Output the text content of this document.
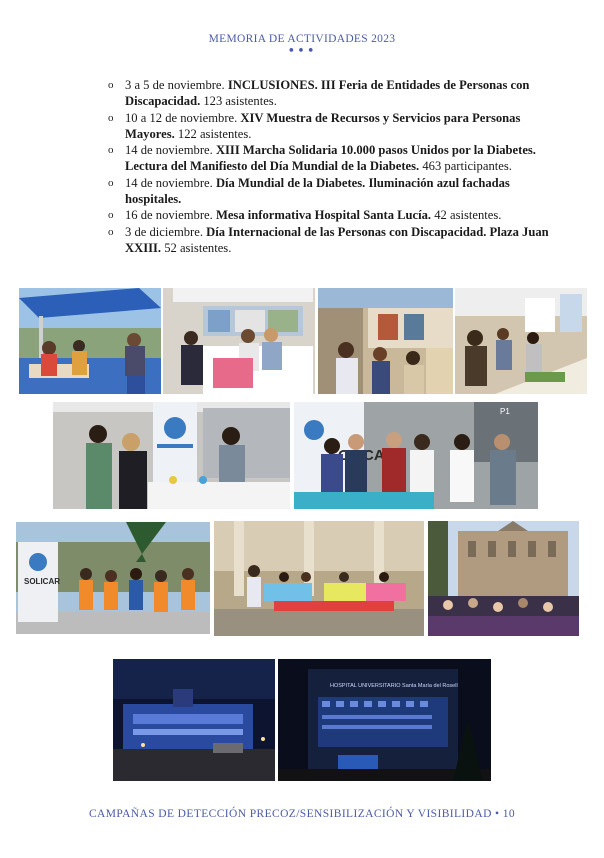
MEMORIA DE ACTIVIDADES 2023
•••
o 3 a 5 de noviembre. INCLUSIONES. III Feria de Entidades de Personas con Discapacidad. 123 asistentes.
o 10 a 12 de noviembre. XIV Muestra de Recursos y Servicios para Personas Mayores. 122 asistentes.
o 14 de noviembre. XIII Marcha Solidaria 10.000 pasos Unidos por la Diabetes. Lectura del Manifiesto del Día Mundial de la Diabetes. 463 participantes.
o 14 de noviembre. Día Mundial de la Diabetes. Iluminación azul fachadas hospitales.
o 16 de noviembre. Mesa informativa Hospital Santa Lucía. 42 asistentes.
o 3 de diciembre. Día Internacional de las Personas con Discapacidad. Plaza Juan XXIII. 52 asistentes.
P1
SOLICAR
HOSPITAL UNIVERSITARIO Santa María del Rosell
CAMPAÑAS DE DETECCIÓN PRECOZ/SENSIBILIZACIÓN Y VISIBILIDAD • 10
